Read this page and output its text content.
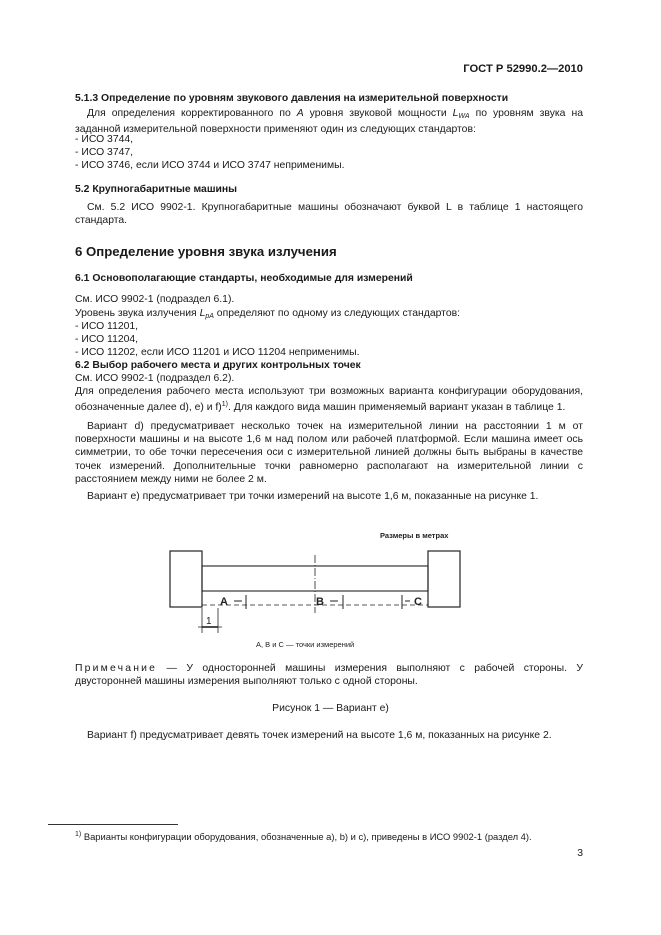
ГОСТ Р 52990.2—2010
5.1.3 Определение по уровням звукового давления на измерительной поверхности
Для определения корректированного по A уровня звуковой мощности $L_{WA}$ по уровням звука на заданной измерительной поверхности применяют один из следующих стандартов:
- ИСО 3744,
- ИСО 3747,
- ИСО 3746, если ИСО 3744 и ИСО 3747 неприменимы.
5.2 Крупногабаритные машины
См. 5.2 ИСО 9902-1. Крупногабаритные машины обозначают буквой L в таблице 1 настоящего стандарта.
6 Определение уровня звука излучения
6.1 Основополагающие стандарты, необходимые для измерений
См. ИСО 9902-1 (подраздел 6.1).
Уровень звука излучения $L_{pA}$ определяют по одному из следующих стандартов:
- ИСО 11201,
- ИСО 11204,
- ИСО 11202, если ИСО 11201 и ИСО 11204 неприменимы.
6.2 Выбор рабочего места и других контрольных точек
См. ИСО 9902-1 (подраздел 6.2).
Для определения рабочего места используют три возможных варианта конфигурации оборудования, обозначенные далее d), e) и f)$^{1)}$. Для каждого вида машин применяемый вариант указан в таблице 1.
Вариант d) предусматривает несколько точек на измерительной линии на расстоянии 1 м от поверхности машины и на высоте 1,6 м над полом или рабочей платформой. Если машина имеет ось симметрии, то обе точки пересечения оси с измерительной линией должны быть выбраны в качестве точек измерений. Дополнительные точки равномерно располагают на измерительной линии с расстоянием между ними не более 2 м.
Вариант e) предусматривает три точки измерений на высоте 1,6 м, показанные на рисунке 1.
Размеры в метрах
A	B	C
1
A, B и C — точки измерений
Примечание — У односторонней машины измерения выполняют с рабочей стороны. У двусторонней машины измерения выполняют только с одной стороны.
Рисунок 1 — Вариант e)
Вариант f) предусматривает девять точек измерений на высоте 1,6 м, показанных на рисунке 2.
$^{1)}$ Варианты конфигурации оборудования, обозначенные a), b) и c), приведены в ИСО 9902-1 (раздел 4).
3
